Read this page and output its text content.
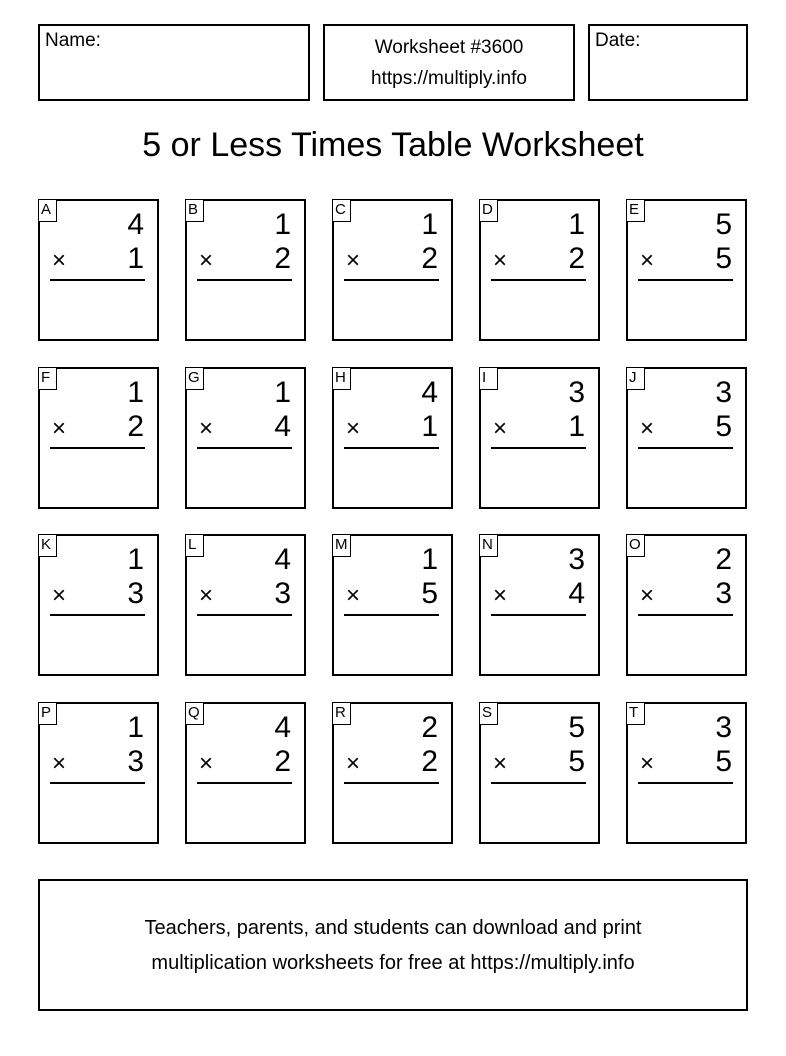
Name:	Worksheet #3600
https://multiply.info
Date:
5 or Less Times Table Worksheet
A	4
× 1
B	1
× 2
C	1
× 2
D	1
× 2
E	5
× 5
F	1
× 2
G 1
× 4
H	4
× 1
I	3
× 1
J	3
× 5
K	1
× 3
L	4
× 3
M 1
× 5
N	3
× 4
O 2
× 3
P	1
× 3
Q 4
× 2
R	2
× 2
S	5
× 5
T	3
× 5
Teachers, parents, and students can download and print
multiplication worksheets for free at https://multiply.info
